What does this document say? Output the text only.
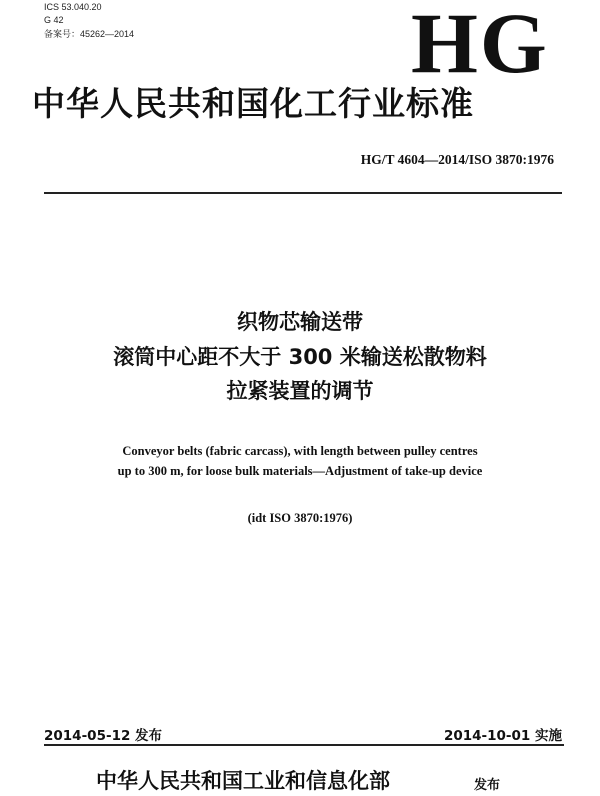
ICS 53.040.20
G 42
备案号：45262—2014	HG
中华人民共和国化工行业标准
HG/T 4604—2014/ISO 3870:1976
织物芯输送带
滚筒中心距不大于 300 米输送松散物料
拉紧装置的调节
Conveyor belts (fabric carcass), with length between pulley centres
up to 300 m, for loose bulk materials—Adjustment of take-up device
(idt ISO 3870:1976)
2014-05-12 发布	2014-10-01 实施
中华人民共和国工业和信息化部	发布
